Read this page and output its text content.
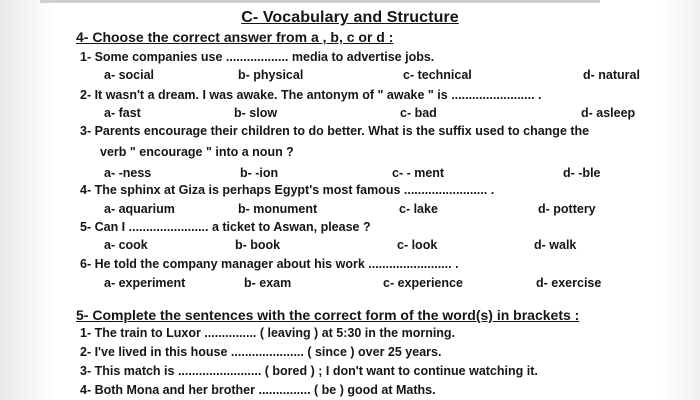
C- Vocabulary and Structure
4- Choose the correct answer from a , b, c or d :
1- Some companies use .................. media to advertise jobs.
a- social	b- physical	c- technical	d- natural
2- It wasn't a dream. I was awake. The antonym of " awake " is ........................ .
a- fast	b- slow	c- bad	d- asleep
3- Parents encourage their children to do better. What is the suffix used to change the
verb " encourage " into a noun ?
a- -ness	b- -ion	c- - ment	d- -ble
4- The sphinx at Giza is perhaps Egypt's most famous ........................ .
a- aquarium	b- monument	c- lake	d- pottery
5- Can I ....................... a ticket to Aswan, please ?
a- cook	b- book	c- look	d- walk
6- He told the company manager about his work ........................ .
a- experiment	b- exam	c- experience	d- exercise
5- Complete the sentences with the correct form of the word(s) in brackets :
1- The train to Luxor ............... ( leaving ) at 5:30 in the morning.
2- I've lived in this house ..................... ( since ) over 25 years.
3- This match is ........................ ( bored ) ; I don't want to continue watching it.
4- Both Mona and her brother ............... ( be ) good at Maths.
